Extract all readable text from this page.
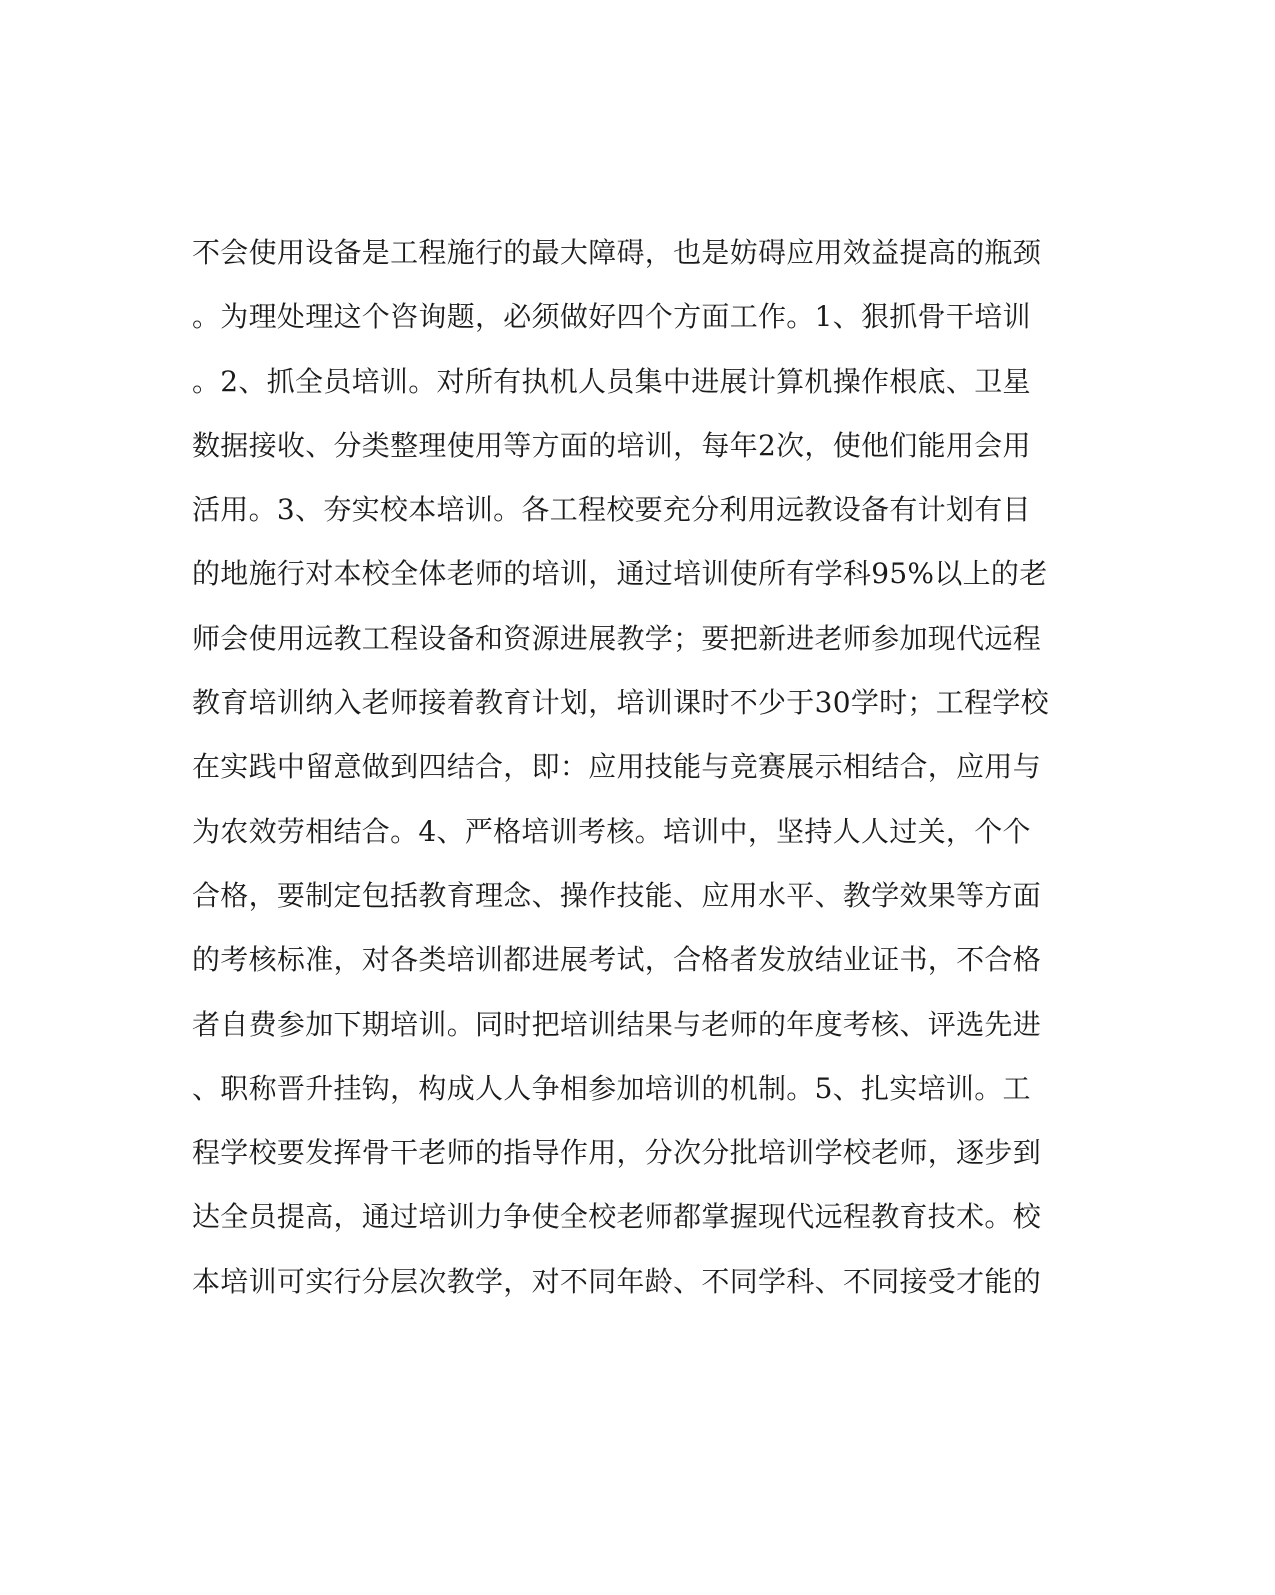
不会使用设备是工程施行的最大障碍，也是妨碍应用效益提高的瓶颈
。为理处理这个咨询题，必须做好四个方面工作。1、狠抓骨干培训
。2、抓全员培训。对所有执机人员集中进展计算机操作根底、卫星
数据接收、分类整理使用等方面的培训，每年2次，使他们能用会用
活用。3、夯实校本培训。各工程校要充分利用远教设备有计划有目
的地施行对本校全体老师的培训，通过培训使所有学科95%以上的老
师会使用远教工程设备和资源进展教学；要把新进老师参加现代远程
教育培训纳入老师接着教育计划，培训课时不少于30学时；工程学校
在实践中留意做到四结合，即：应用技能与竞赛展示相结合，应用与
为农效劳相结合。4、严格培训考核。培训中，坚持人人过关，个个
合格，要制定包括教育理念、操作技能、应用水平、教学效果等方面
的考核标准，对各类培训都进展考试，合格者发放结业证书，不合格
者自费参加下期培训。同时把培训结果与老师的年度考核、评选先进
、职称晋升挂钩，构成人人争相参加培训的机制。5、扎实培训。工
程学校要发挥骨干老师的指导作用，分次分批培训学校老师，逐步到
达全员提高，通过培训力争使全校老师都掌握现代远程教育技术。校
本培训可实行分层次教学，对不同年龄、不同学科、不同接受才能的
